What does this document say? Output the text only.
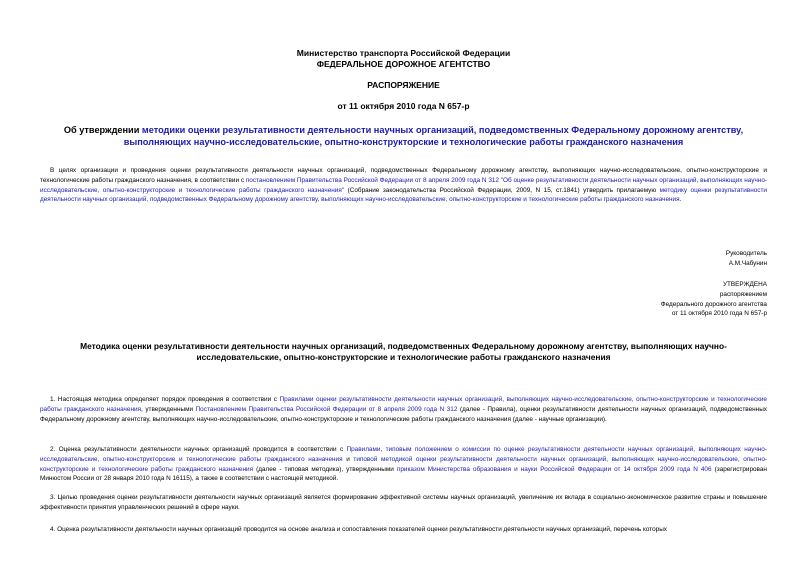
Министерство транспорта Российской Федерации
ФЕДЕРАЛЬНОЕ ДОРОЖНОЕ АГЕНТСТВО
РАСПОРЯЖЕНИЕ
от 11 октября 2010 года N 657-р
Об утверждении методики оценки результативности деятельности научных организаций, подведомственных Федеральному дорожному агентству, выполняющих научно-исследовательские, опытно-конструкторские и технологические работы гражданского назначения
В целях организации и проведения оценки результативности деятельности научных организаций, подведомственных Федеральному дорожному агентству, выполняющих научно-исследовательские, опытно-конструкторские и технологические работы гражданского назначения, в соответствии с постановлением Правительства Российской Федерации от 8 апреля 2009 года N 312 "Об оценке результативности деятельности научных организаций, выполняющих научно-исследовательские, опытно-конструкторские и технологические работы гражданского назначения" (Собрание законодательства Российской Федерации, 2009, N 15, ст.1841) утвердить прилагаемую методику оценки результативности деятельности научных организаций, подведомственных Федеральному дорожному агентству, выполняющих научно-исследовательские, опытно-конструкторские и технологические работы гражданского назначения.
Руководитель
А.М.Чабунин
УТВЕРЖДЕНА
распоряжением
Федерального дорожного агентства
от 11 октября 2010 года N 657-р
Методика оценки результативности деятельности научных организаций, подведомственных Федеральному дорожному агентству, выполняющих научно-исследовательские, опытно-конструкторские и технологические работы гражданского назначения
1. Настоящая методика определяет порядок проведения в соответствии с Правилами оценки результативности деятельности научных организаций, выполняющих научно-исследовательские, опытно-конструкторские и технологические работы гражданского назначения, утвержденными Постановлением Правительства Российской Федерации от 8 апреля 2009 года N 312 (далее - Правила), оценки результативности деятельности научных организаций, подведомственных Федеральному дорожному агентству, выполняющих научно-исследовательские, опытно-конструкторские и технологические работы гражданского назначения (далее - научные организации).
2. Оценка результативности деятельности научных организаций проводится в соответствии с Правилами, типовым положением о комиссии по оценке результативности деятельности научных организаций, выполняющих научно-исследовательские, опытно-конструкторские и технологические работы гражданского назначения и типовой методикой оценки результативности деятельности научных организаций, выполняющих научно-исследовательские, опытно-конструкторские и технологические работы гражданского назначения (далее - типовая методика), утвержденными приказом Министерства образования и науки Российской Федерации от 14 октября 2009 года N 406 (зарегистрирован Минюстом России от 28 января 2010 года N 16115), а также в соответствии с настоящей методикой.
3. Целью проведения оценки результативности деятельности научных организаций является формирование эффективной системы научных организаций, увеличение их вклада в социально-экономическое развитие страны и повышение эффективности принятия управленческих решений в сфере науки.
4. Оценка результативности деятельности научных организаций проводится на основе анализа и сопоставления показателей оценки результативности деятельности научных организаций, перечень которых
